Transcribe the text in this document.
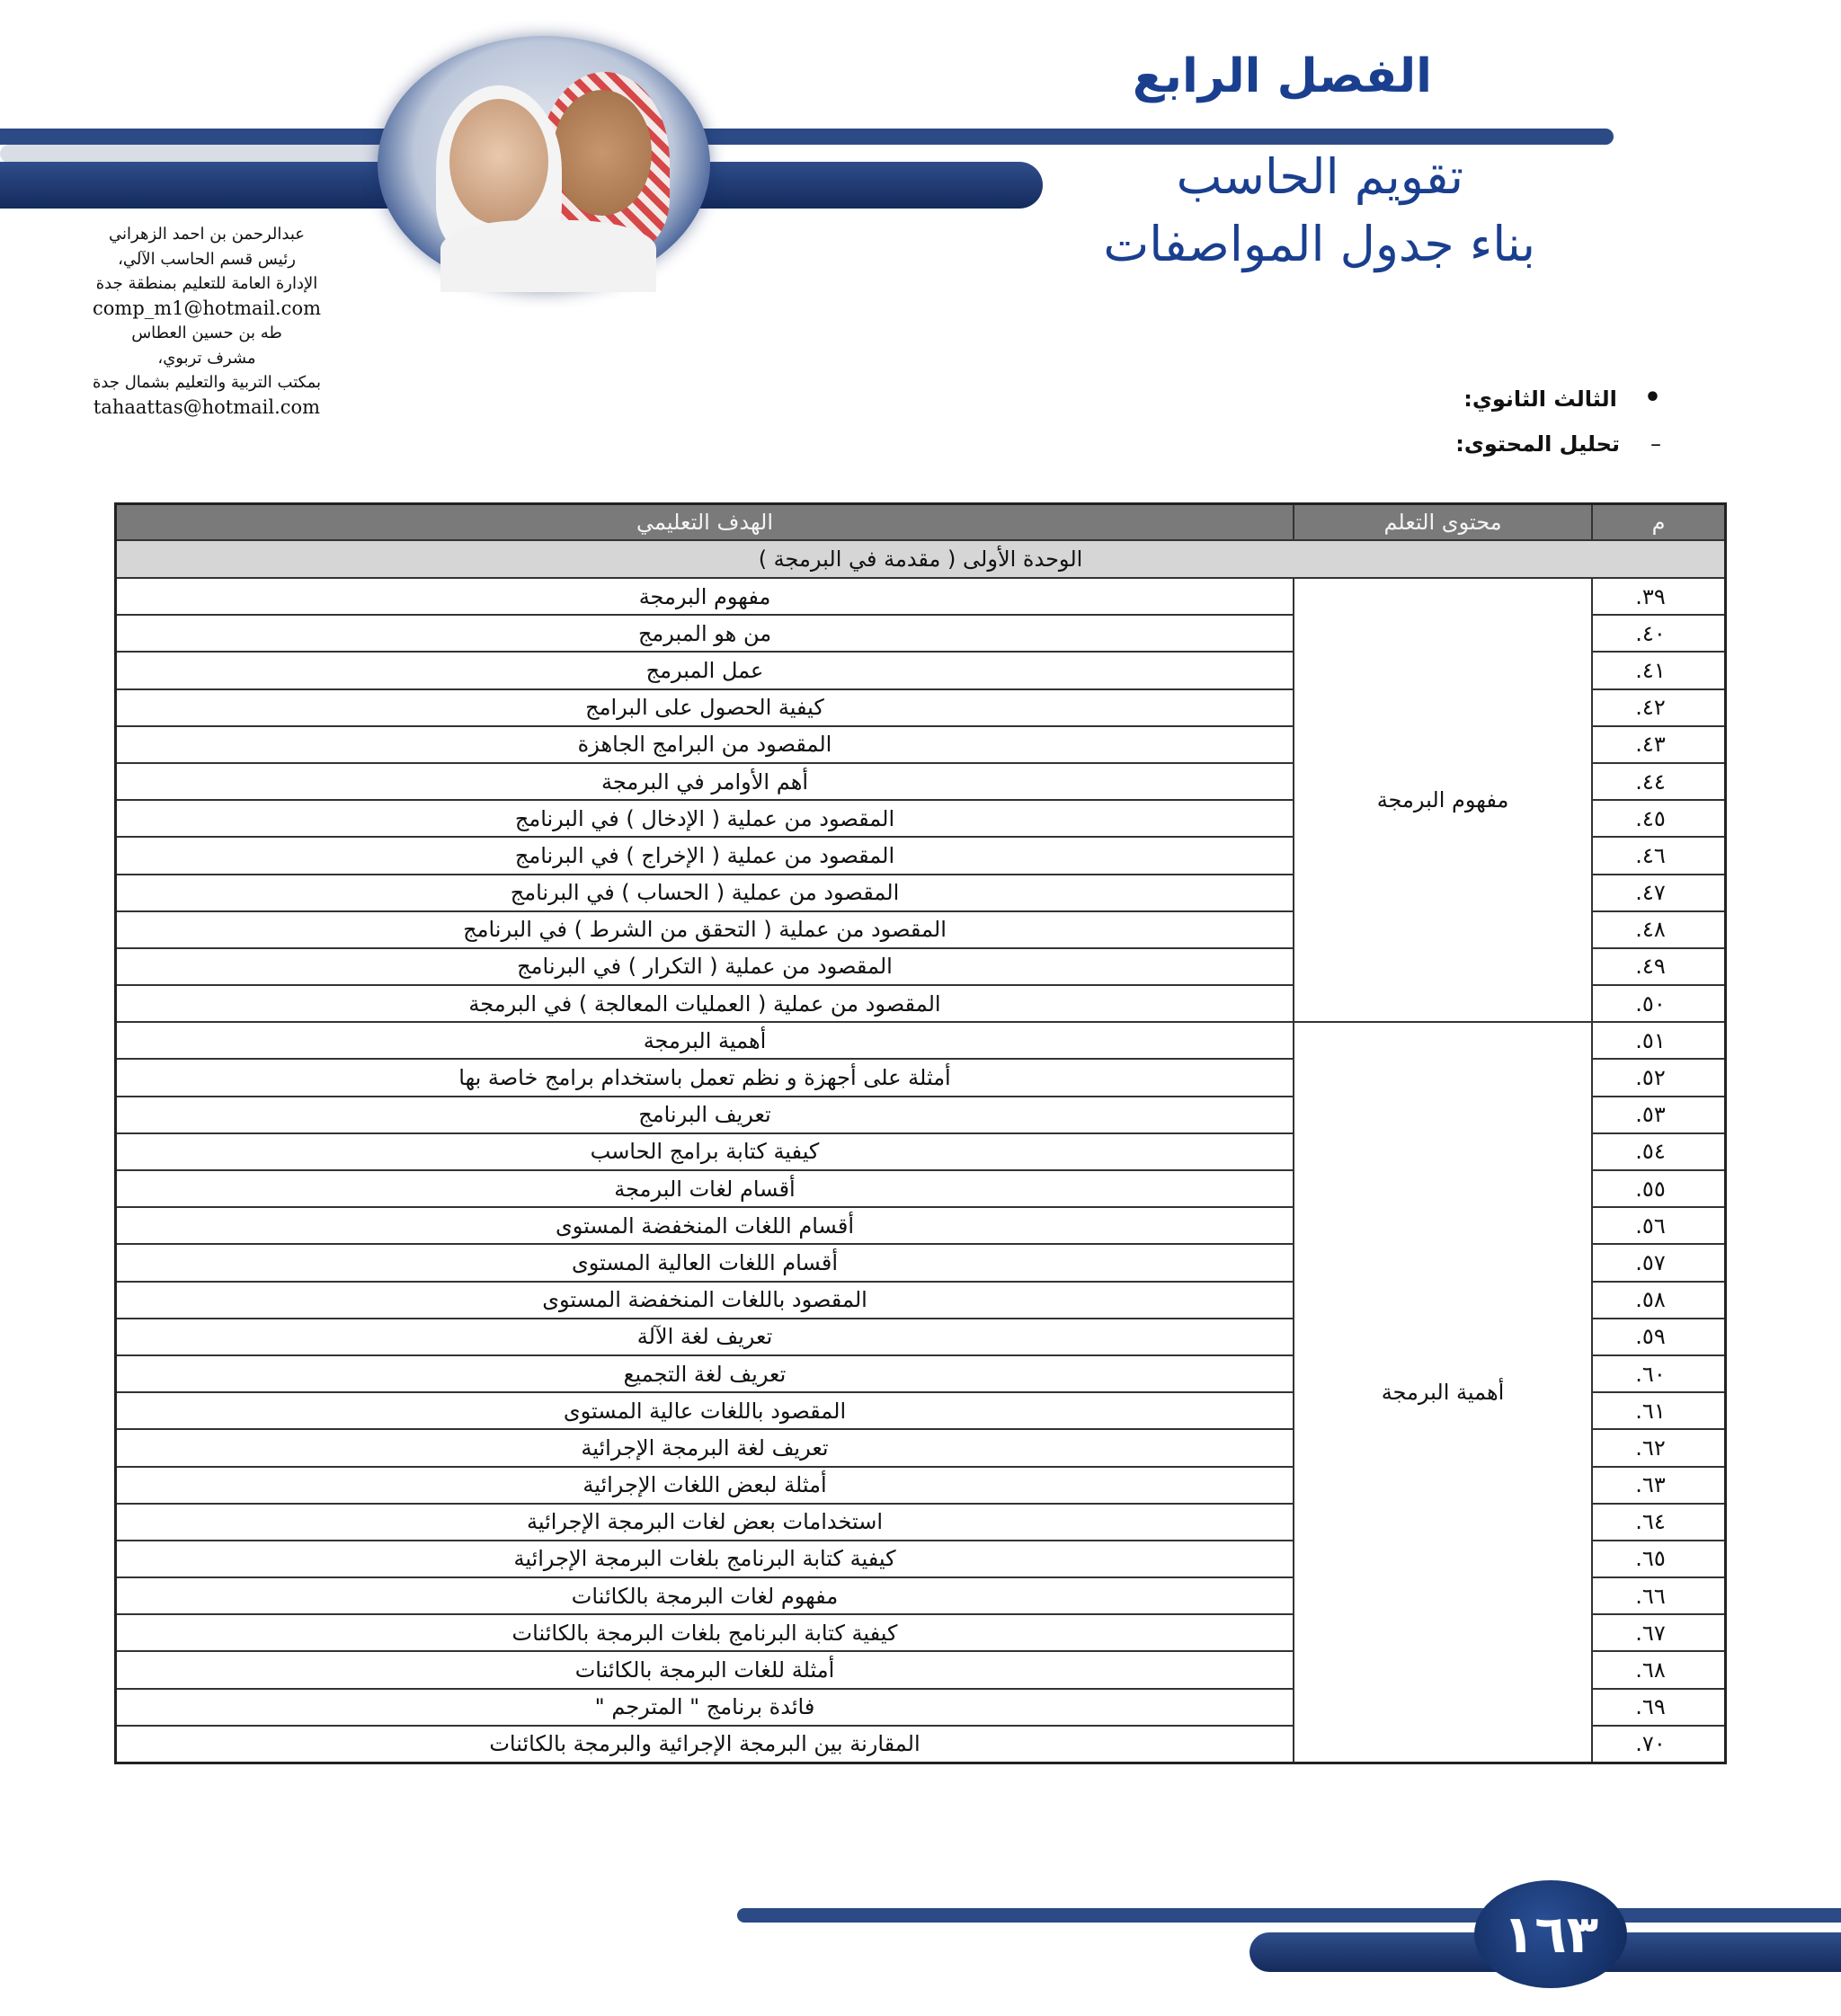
الفصل الرابع
تقويم الحاسب
بناء جدول المواصفات
عبدالرحمن بن احمد الزهراني
رئيس قسم الحاسب الآلي،
الإدارة العامة للتعليم بمنطقة جدة
comp_m1@hotmail.com
طه بن حسين العطاس
مشرف تربوي،
بمكتب التربية والتعليم بشمال جدة
tahaattas@hotmail.com	•الثالث الثانوي:
–تحليل المحتوى:
م	محتوى التعلم	الهدف التعليمي
الوحدة الأولى ( مقدمة في البرمجة )		
٣٩.	مفهوم البرمجة	مفهوم البرمجة
٤٠.		من هو المبرمج
٤١.		عمل المبرمج
٤٢.		كيفية الحصول على البرامج
٤٣.		المقصود من البرامج الجاهزة
٤٤.		أهم الأوامر في البرمجة
٤٥.		المقصود من عملية ( الإدخال ) في البرنامج
٤٦.		المقصود من عملية ( الإخراج ) في البرنامج
٤٧.		المقصود من عملية ( الحساب ) في البرنامج
٤٨.		المقصود من عملية ( التحقق من الشرط ) في البرنامج
٤٩.		المقصود من عملية ( التكرار ) في البرنامج
٥٠.		المقصود من عملية ( العمليات المعالجة ) في البرمجة
٥١.	أهمية البرمجة	أهمية البرمجة
٥٢.		أمثلة على أجهزة و نظم تعمل باستخدام برامج خاصة بها
٥٣.		تعريف البرنامج
٥٤.		كيفية كتابة برامج الحاسب
٥٥.		أقسام لغات البرمجة
٥٦.		أقسام اللغات المنخفضة المستوى
٥٧.		أقسام اللغات العالية المستوى
٥٨.		المقصود باللغات المنخفضة المستوى
٥٩.		تعريف لغة الآلة
٦٠.		تعريف لغة التجميع
٦١.		المقصود باللغات عالية المستوى
٦٢.		تعريف لغة البرمجة الإجرائية
٦٣.		أمثلة لبعض اللغات الإجرائية
٦٤.		استخدامات بعض لغات البرمجة الإجرائية
٦٥.		كيفية كتابة البرنامج بلغات البرمجة الإجرائية
٦٦.		مفهوم لغات البرمجة بالكائنات
٦٧.		كيفية كتابة البرنامج بلغات البرمجة بالكائنات
٦٨.		أمثلة للغات البرمجة بالكائنات
٦٩.		فائدة برنامج " المترجم "
٧٠.		المقارنة بين البرمجة الإجرائية والبرمجة بالكائنات
١٦٣
